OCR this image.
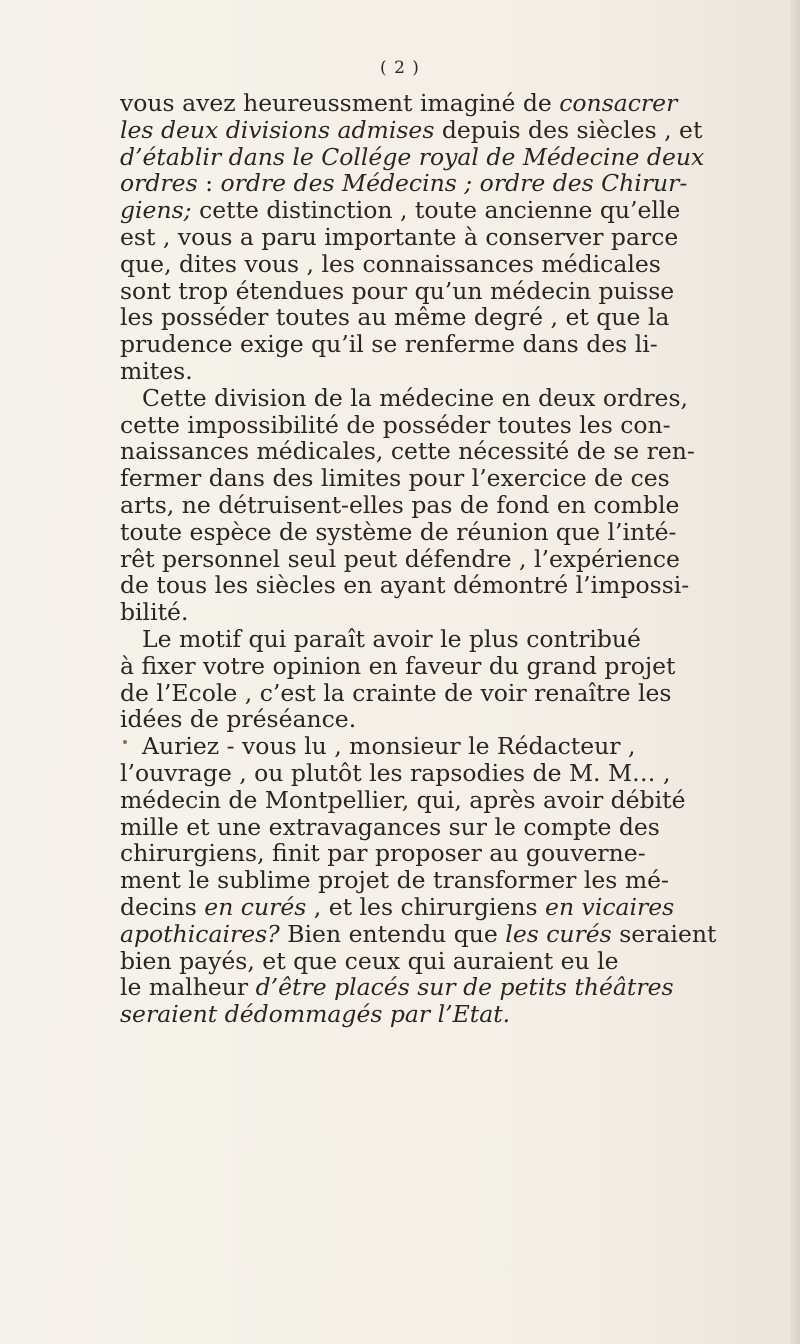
( 2 )
vous avez heureussment imaginé de consacrer
les deux divisions admises depuis des siècles , et
d’établir dans le Collége royal de Médecine deux
ordres : ordre des Médecins ; ordre des Chirur-
giens; cette distinction , toute ancienne qu’elle
est , vous a paru importante à conserver parce
que, dites vous , les connaissances médicales
sont trop étendues pour qu’un médecin puisse
les posséder toutes au même degré , et que la
prudence exige qu’il se renferme dans des li-
mites.
Cette division de la médecine en deux ordres,
cette impossibilité de posséder toutes les con-
naissances médicales, cette nécessité de se ren-
fermer dans des limites pour l’exercice de ces
arts, ne détruisent-elles pas de fond en comble
toute espèce de système de réunion que l’inté-
rêt personnel seul peut défendre , l’expérience
de tous les siècles en ayant démontré l’impossi-
bilité.
Le motif qui paraît avoir le plus contribué
à fixer votre opinion en faveur du grand projet
de l’Ecole , c’est la crainte de voir renaître les
idées de préséance.
Auriez - vous lu , monsieur le Rédacteur ,
l’ouvrage , ou plutôt les rapsodies de M. M… ,
médecin de Montpellier, qui, après avoir débité
mille et une extravagances sur le compte des
chirurgiens, finit par proposer au gouverne-
ment le sublime projet de transformer les mé-
decins en curés , et les chirurgiens en vicaires
apothicaires? Bien entendu que les curés seraient
bien payés, et que ceux qui auraient eu le
le malheur d’être placés sur de petits théâtres
seraient dédommagés par l’Etat.
